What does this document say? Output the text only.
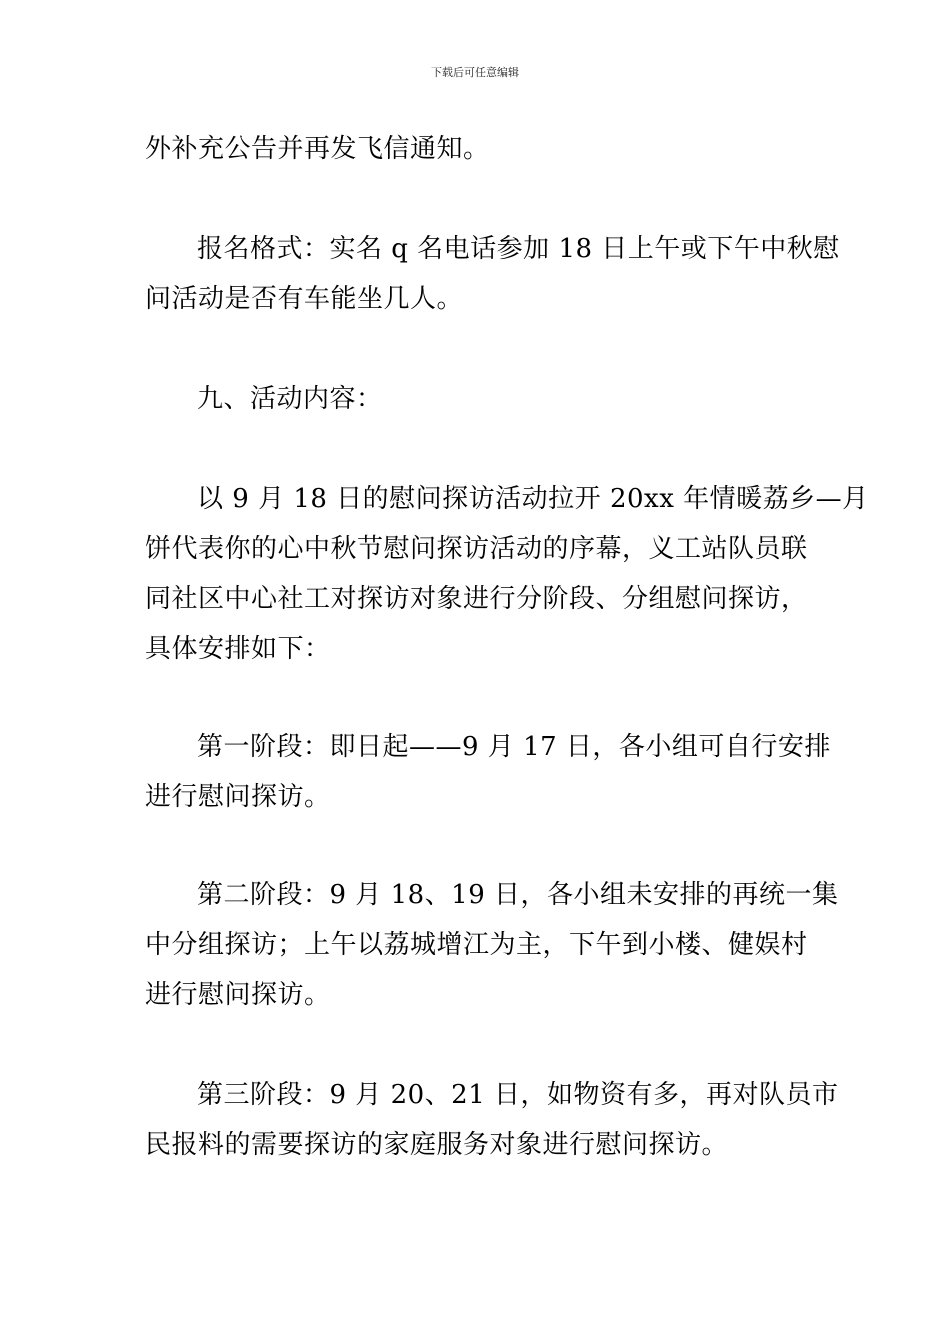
下载后可任意编辑
外补充公告并再发飞信通知。
报名格式：实名 q 名电话参加 18 日上午或下午中秋慰
问活动是否有车能坐几人。
九、活动内容：
以 9 月 18 日的慰问探访活动拉开 20xx 年情暖荔乡—月
饼代表你的心中秋节慰问探访活动的序幕，义工站队员联
同社区中心社工对探访对象进行分阶段、分组慰问探访，
具体安排如下：
第一阶段：即日起——9 月 17 日，各小组可自行安排
进行慰问探访。
第二阶段：9 月 18、19 日，各小组未安排的再统一集
中分组探访；上午以荔城增江为主，下午到小楼、健娱村
进行慰问探访。
第三阶段：9 月 20、21 日，如物资有多，再对队员市
民报料的需要探访的家庭服务对象进行慰问探访。
